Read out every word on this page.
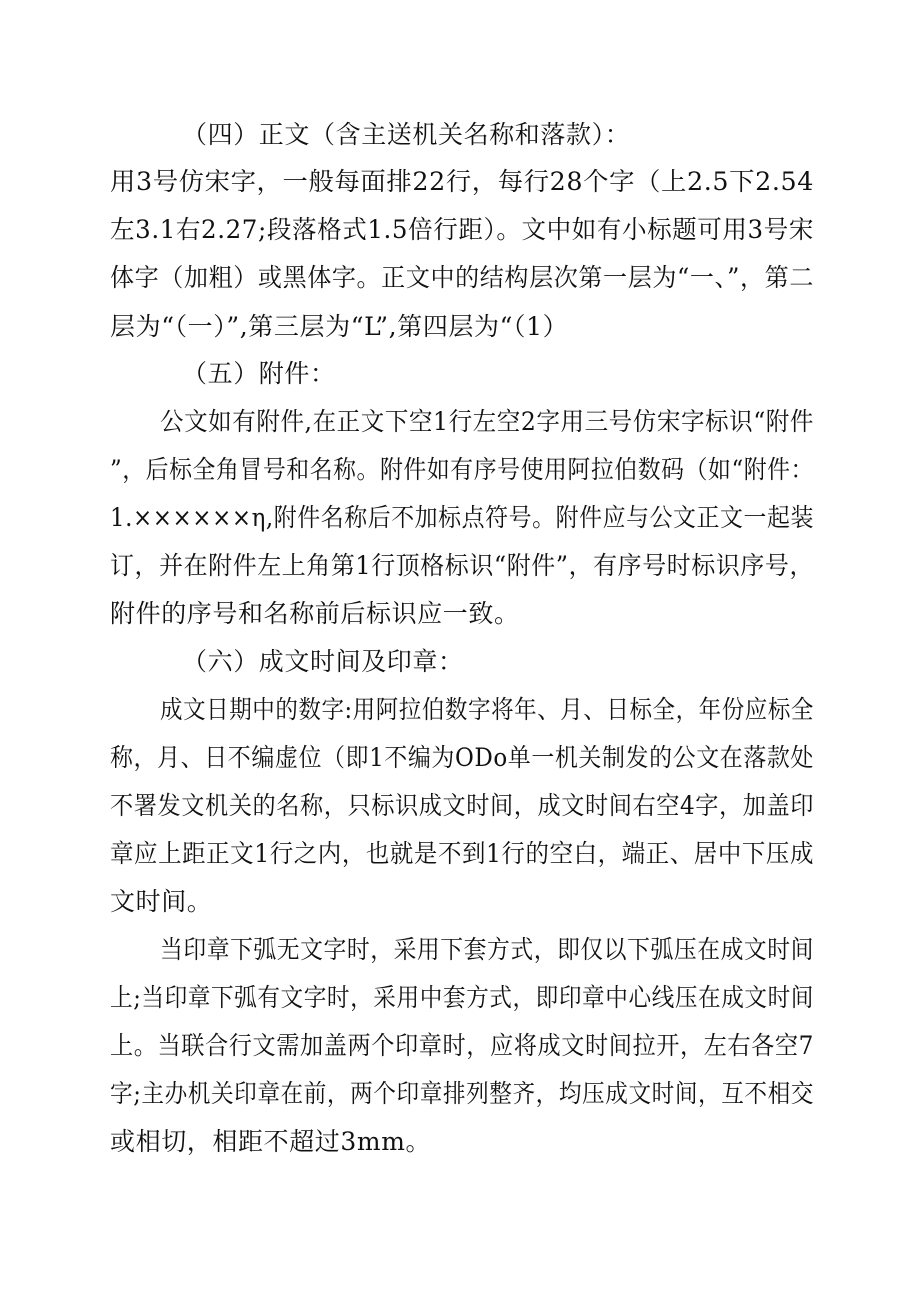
（四）正文（含主送机关名称和落款）：
用3号仿宋字，一般每面排22行，每行28个字（上2.5下2.54
左3.1右2.27;段落格式1.5倍行距）。文中如有小标题可用3号宋
体字（加粗）或黑体字。正文中的结构层次第一层为“一、”，第二
层为“（一）”,第三层为“L”,第四层为“（1）
（五）附件：
公文如有附件,在正文下空1行左空2字用三号仿宋字标识“附件
”，后标全角冒号和名称。附件如有序号使用阿拉伯数码（如“附件：
1.××××××η,附件名称后不加标点符号。附件应与公文正文一起装
订，并在附件左上角第1行顶格标识“附件”，有序号时标识序号，
附件的序号和名称前后标识应一致。
（六）成文时间及印章：
成文日期中的数字:用阿拉伯数字将年、月、日标全，年份应标全
称，月、日不编虚位（即1不编为ODo单一机关制发的公文在落款处
不署发文机关的名称，只标识成文时间，成文时间右空4字，加盖印
章应上距正文1行之内，也就是不到1行的空白，端正、居中下压成
文时间。
当印章下弧无文字时，采用下套方式，即仅以下弧压在成文时间
上;当印章下弧有文字时，采用中套方式，即印章中心线压在成文时间
上。当联合行文需加盖两个印章时，应将成文时间拉开，左右各空7
字;主办机关印章在前，两个印章排列整齐，均压成文时间，互不相交
或相切，相距不超过3mm。
